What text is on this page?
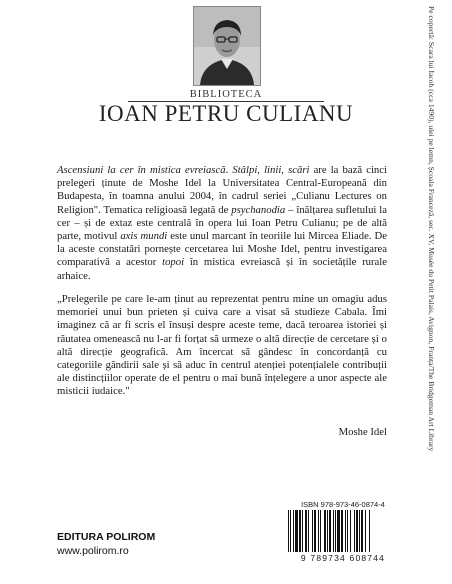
BIBLIOTECA
IOAN PETRU CULIANU

Ascensiuni la cer în mistica evreiască. Stâlpi, linii, scări are la bază cinci prelegeri ținute de Moshe Idel la Universitatea Central-Europeană din Budapesta, în toamna anului 2004, în cadrul seriei „Culianu Lectures on Religion". Tematica religioasă legată de psychanodia – înălțarea sufletului la cer – și de extaz este centrală în opera lui Ioan Petru Culianu; pe de altă parte, motivul axis mundi este unul marcant în teoriile lui Mircea Eliade. De la aceste constatări pornește cercetarea lui Moshe Idel, pentru investigarea comparativă a acestor topoi în mistica evreiască și în societățile rurale arhaice.

„Prelegerile pe care le-am ținut au reprezentat pentru mine un omagiu adus memoriei unui bun prieten și cuiva care a visat să studieze Cabala. Îmi imaginez că ar fi scris el însuși despre aceste teme, dacă teroarea istoriei și răutatea omenească nu l-ar fi forțat să urmeze o altă direcție de cercetare și o altă direcție geografică. Am încercat să gândesc în concordanță cu categoriile gândirii sale și să aduc în centrul atenției potențialele contribuții ale distincțiilor operate de el pentru o mai bună înțelegere a unor aspecte ale misticii iudaice."

Moshe Idel
ISBN 978-973-46-0874-4
9 789734 608744
EDITURA POLIROM
www.polirom.ro
Pe copertă: Scara lui Iacob (cca 1490), ulei pe lemn, Școala Franceză, sec. XV, Musée du Petit Palais, Avignon, Franța/The Bridgeman Art Library
